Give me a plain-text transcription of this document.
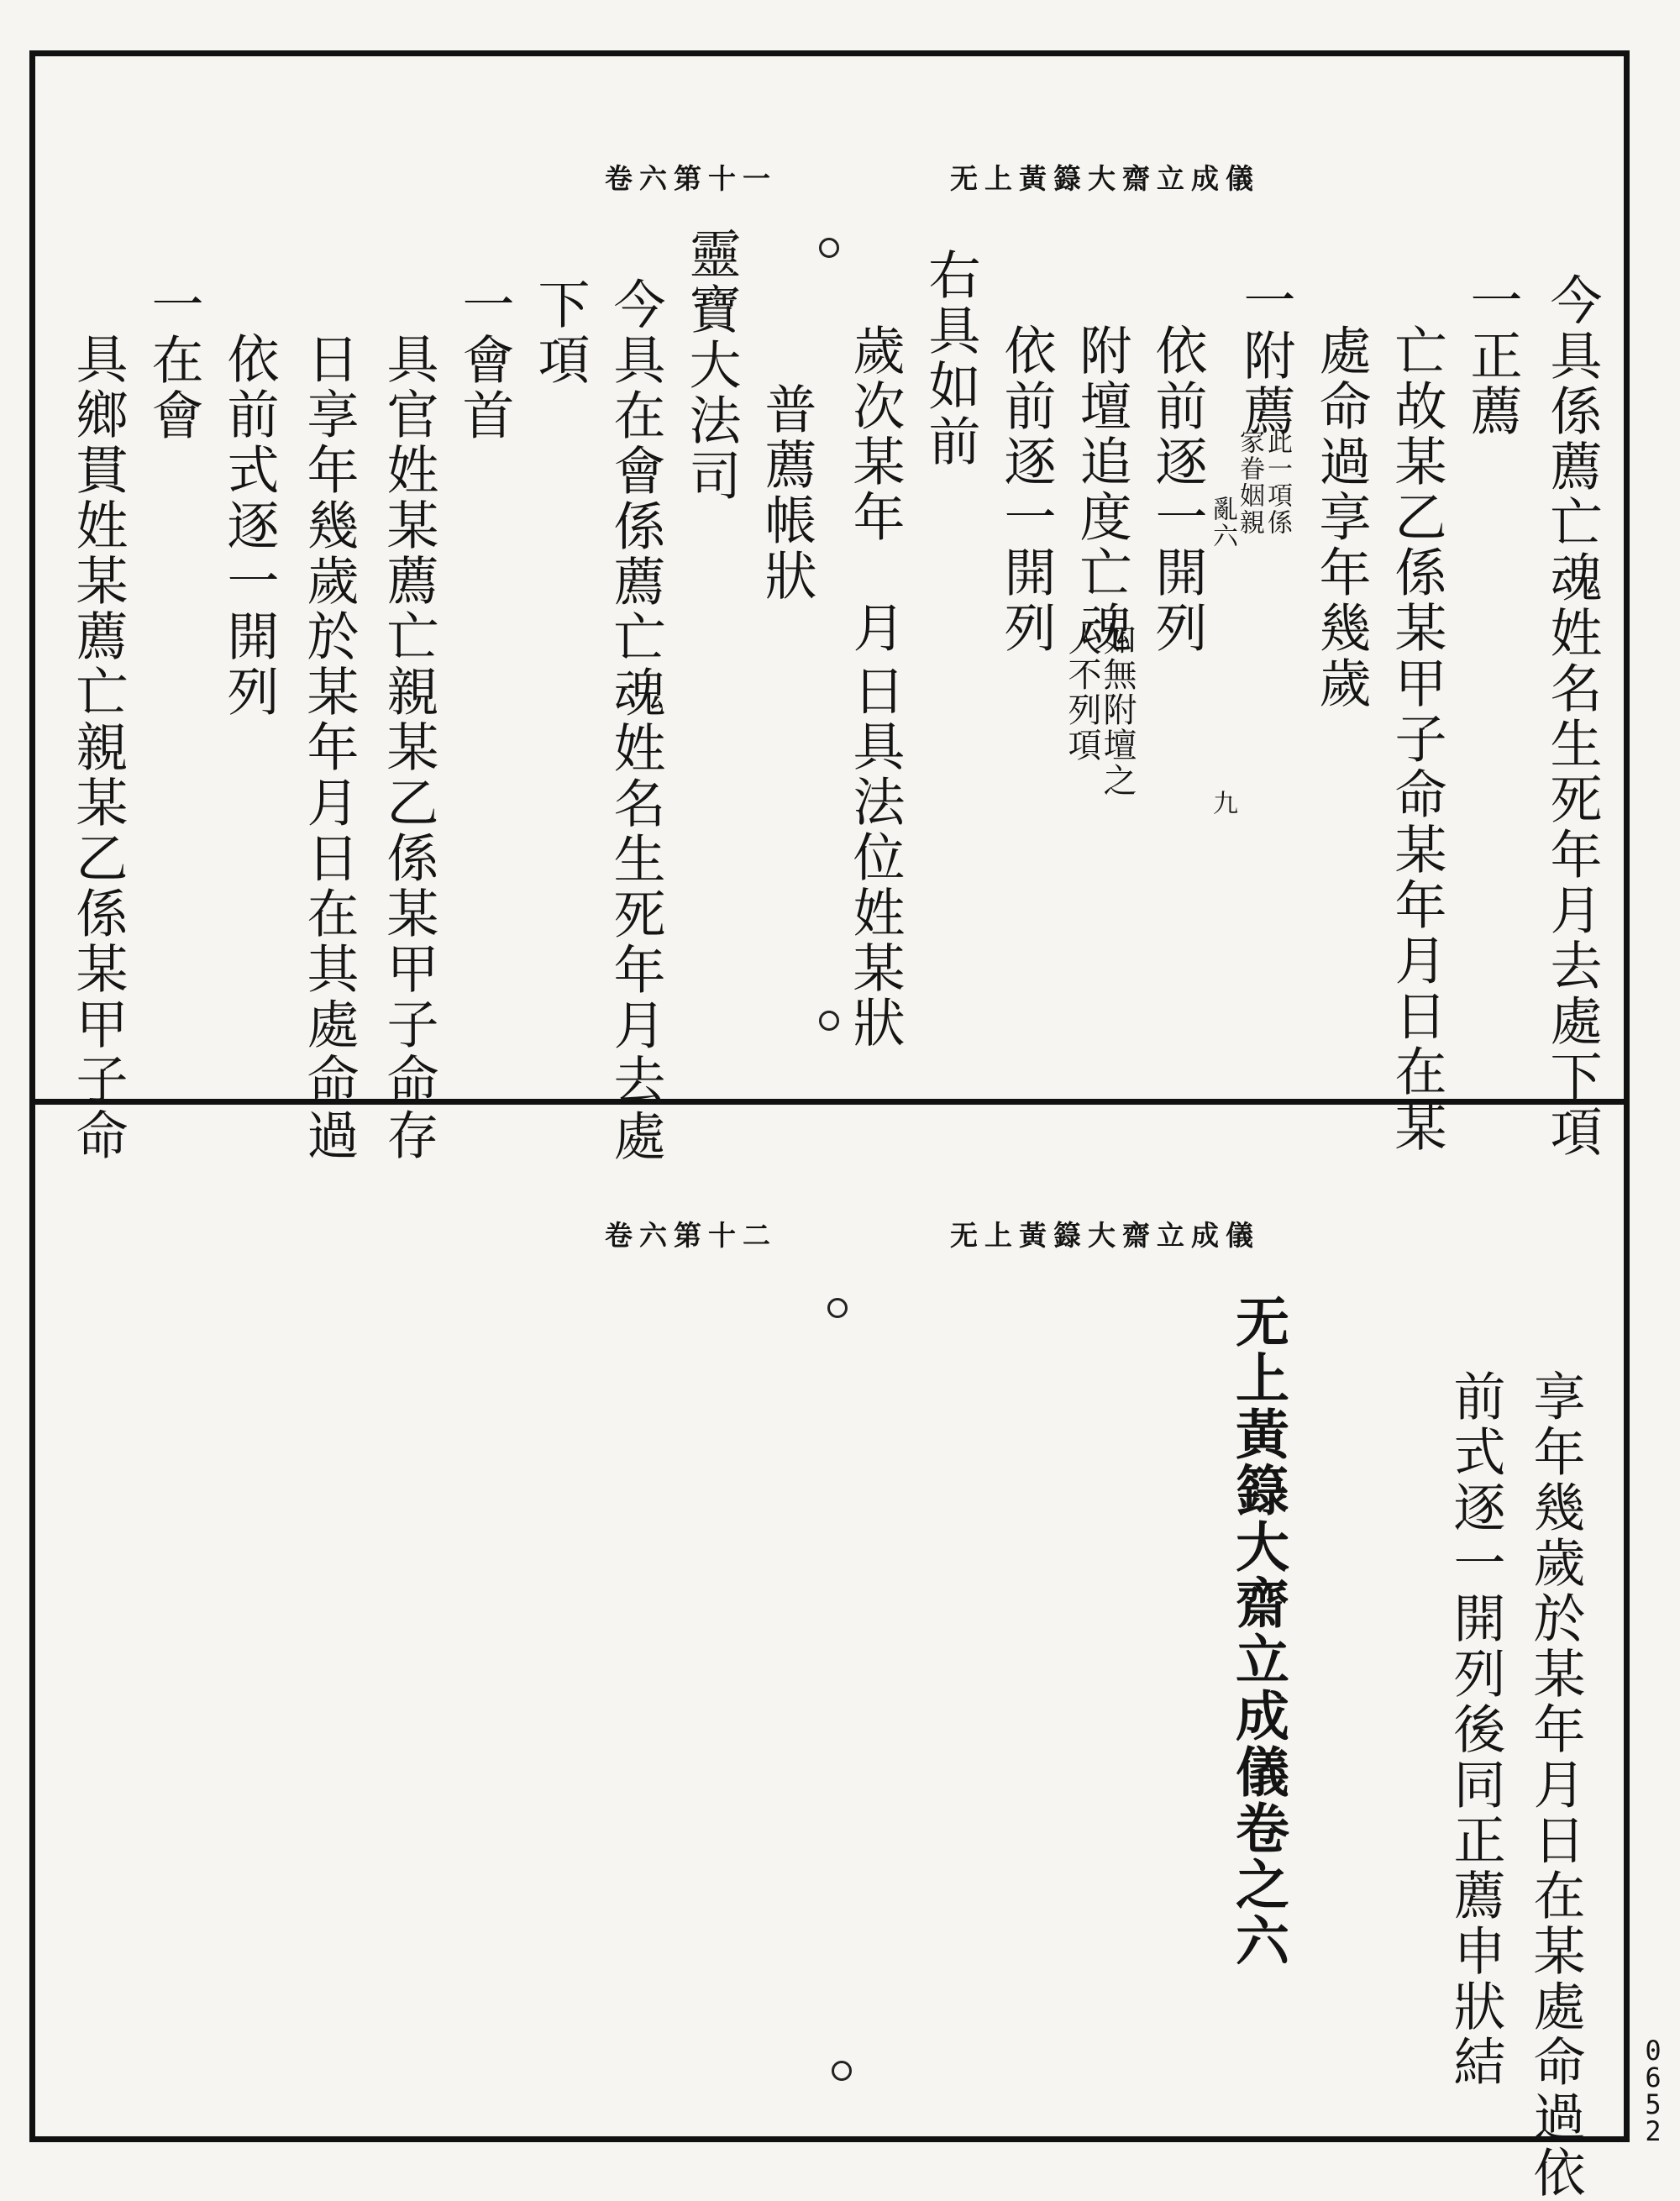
无上黃籙大齋立成儀
卷六第十一
今具係薦亡魂姓名生死年月去處下項
一正薦
亡故某乙係某甲子命某年月日在某
處命過享年幾歲
一附薦
此一項係
家眷姻親
亂六
九
依前逐一開列
附壇追度亡魂
如無附壇之
人不列項
依前逐一開列
右具如前
歲次某年　月
日具法位姓某
狀
普薦帳狀
靈寶大法司
今具在會係薦亡魂姓名生死年月去處
下項
一會首
具官姓某薦亡親某乙係某甲子命存
日享年幾歲於某年月日在其處命過
依前式逐一開列
一在會
具鄉貫姓某薦亡親某乙係某甲子命
无上黃籙大齋立成儀
卷六第十二
享年幾歲於某年月日在某處命過依
前式逐一開列後同正薦申狀結
无上黃籙大齋立成儀卷之六
0
6
5
2
